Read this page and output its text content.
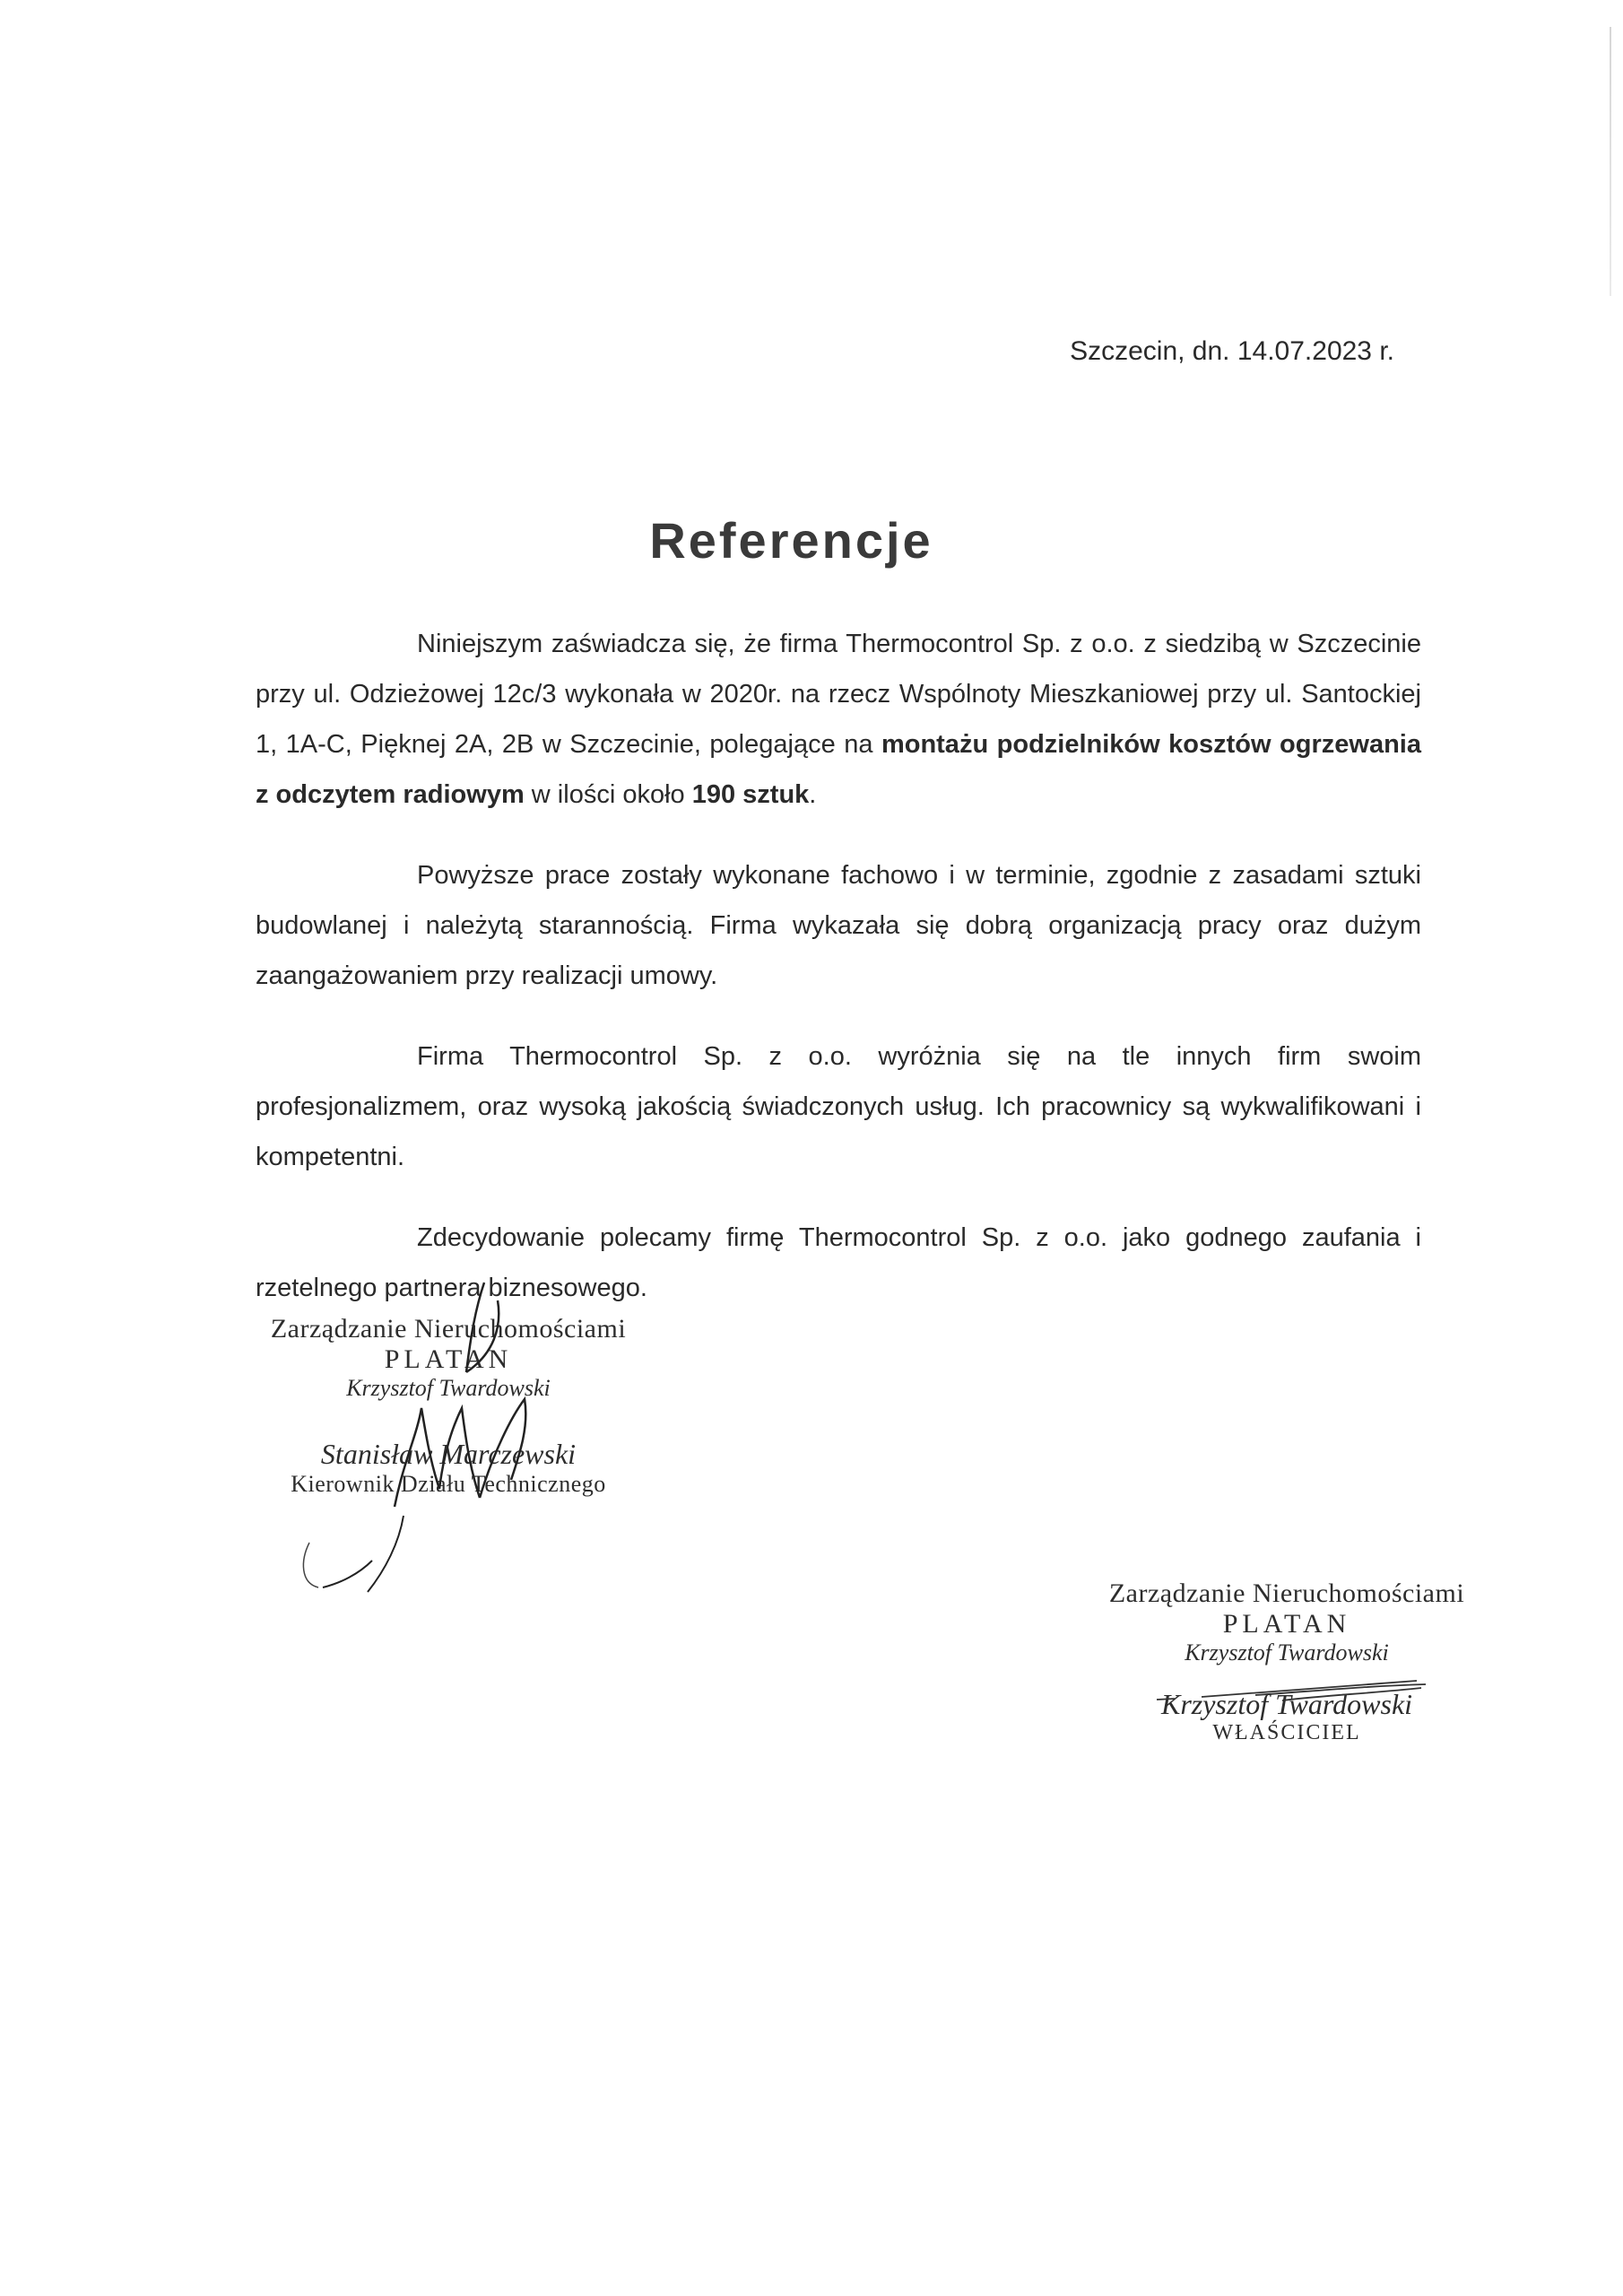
Szczecin, dn. 14.07.2023 r.
Referencje

Niniejszym zaświadcza się, że firma Thermocontrol Sp. z o.o. z siedzibą w Szczecinie przy ul. Odzieżowej 12c/3 wykonała w 2020r. na rzecz Wspólnoty Mieszkaniowej przy ul. Santockiej 1, 1A-C, Pięknej 2A, 2B w Szczecinie, polegające na montażu podzielników kosztów ogrzewania z odczytem radiowym w ilości około 190 sztuk.

Powyższe prace zostały wykonane fachowo i w terminie, zgodnie z zasadami sztuki budowlanej i należytą starannością. Firma wykazała się dobrą organizacją pracy oraz dużym zaangażowaniem przy realizacji umowy.

Firma Thermocontrol Sp. z o.o. wyróżnia się na tle innych firm swoim profesjonalizmem, oraz wysoką jakością świadczonych usług. Ich pracownicy są wykwalifikowani i kompetentni.

Zdecydowanie polecamy firmę Thermocontrol Sp. z o.o. jako godnego zaufania i rzetelnego partnera biznesowego.

Zarządzanie Nieruchomościami
PLATAN
Krzysztof Twardowski
Stanisław Marczewski
Kierownik Działu Technicznego
Zarządzanie Nieruchomościami
PLATAN
Krzysztof Twardowski
Krzysztof Twardowski
WŁAŚCICIEL
